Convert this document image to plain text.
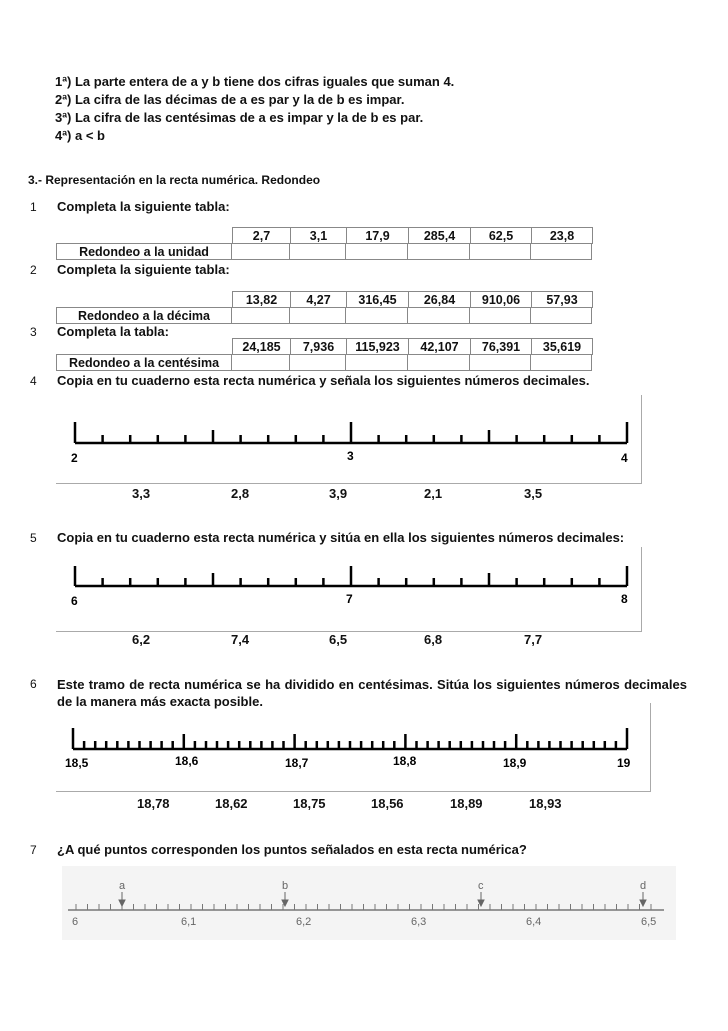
1ª) La parte entera de a y b tiene dos cifras iguales que suman 4.
2ª) La cifra de las décimas de a es par y la de b es impar.
3ª) La cifra de las centésimas de a es impar y la de b es par.
4ª) a < b
3.- Representación en la recta numérica. Redondeo
1	Completa la siguiente tabla:
2,7	3,1	17,9	285,4	62,5	23,8
Redondeo a la unidad						
2	Completa la siguiente tabla:
13,82	4,27	316,45	26,84	910,06	57,93
Redondeo a la décima						
3	Completa la tabla:
24,185	7,936	115,923	42,107	76,391	35,619
Redondeo a la centésima						
4	Copia en tu cuaderno esta recta numérica y señala los siguientes números decimales.
2	3	4
3,3	2,8	3,9	2,1	3,5
5	Copia en tu cuaderno esta recta numérica y sitúa en ella los siguientes números decimales:
6	7	8
6,2	7,4	6,5	6,8	7,7
6	Este tramo de recta numérica se ha dividido en centésimas. Sitúa los siguientes números decimales de la manera más exacta posible.
18,5	18,6	18,7	18,8	18,9	19
18,78	18,62	18,75	18,56	18,89	18,93
7	¿A qué puntos corresponden los puntos señalados en esta recta numérica?
a	b	c	d
6	6,1	6,2	6,3	6,4	6,5
